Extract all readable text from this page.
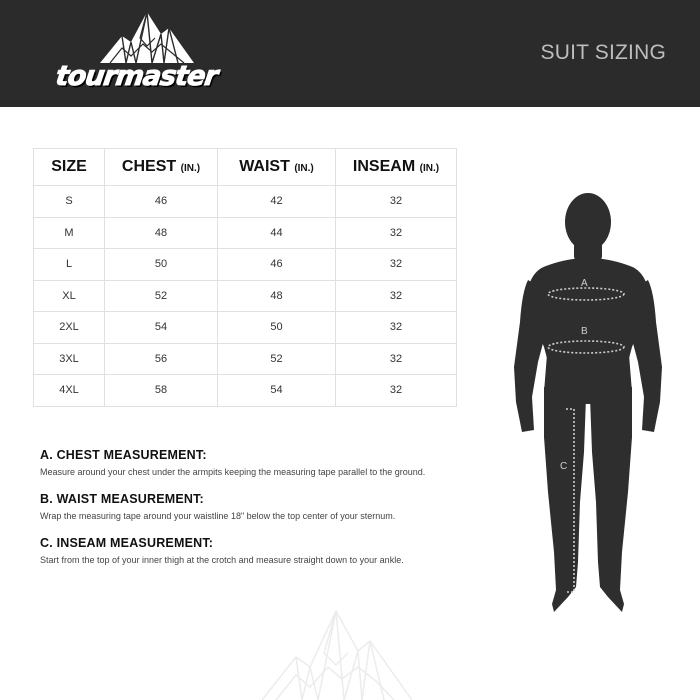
tourmaster
SUIT SIZING
SIZE	CHEST (IN.)	WAIST (IN.)	INSEAM (IN.)
S	46	42	32
M	48	44	32
L	50	46	32
XL	52	48	32
2XL	54	50	32
3XL	56	52	32
4XL	58	54	32

A. CHEST MEASUREMENT:

Measure around your chest under the armpits keeping the measuring tape parallel to the ground.

B. WAIST MEASUREMENT:

Wrap the measuring tape around your waistline 18" below the top center of your sternum.

C. INSEAM MEASUREMENT:

Start from the top of your inner thigh at the crotch and measure straight down to your ankle.

A
B
C
